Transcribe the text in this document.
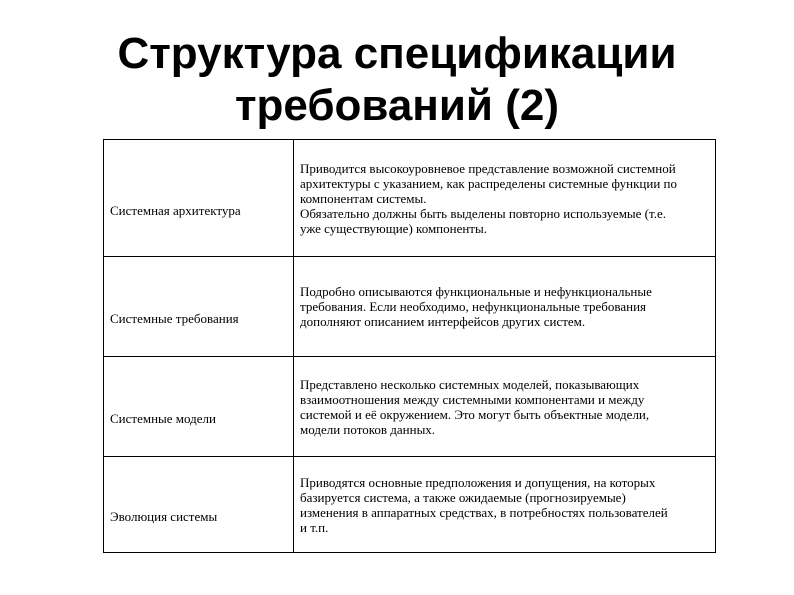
Структура спецификации
требований (2)
Системная архитектура	Приводится высокоуровневое представление возможной системной
архитектуры с указанием, как распределены системные функции по
компонентам системы.
Обязательно должны быть выделены повторно используемые (т.е.
уже существующие) компоненты.
Системные требования	Подробно описываются функциональные и нефункциональные
требования. Если необходимо, нефункциональные требования
дополняют описанием интерфейсов других систем.
Системные модели	Представлено несколько системных моделей, показывающих
взаимоотношения между системными компонентами и между
системой и её окружением. Это могут быть объектные модели,
модели потоков данных.
Эволюция системы	Приводятся основные предположения и допущения, на которых
базируется система, а также ожидаемые (прогнозируемые)
изменения в аппаратных средствах, в потребностях пользователей
и т.п.
